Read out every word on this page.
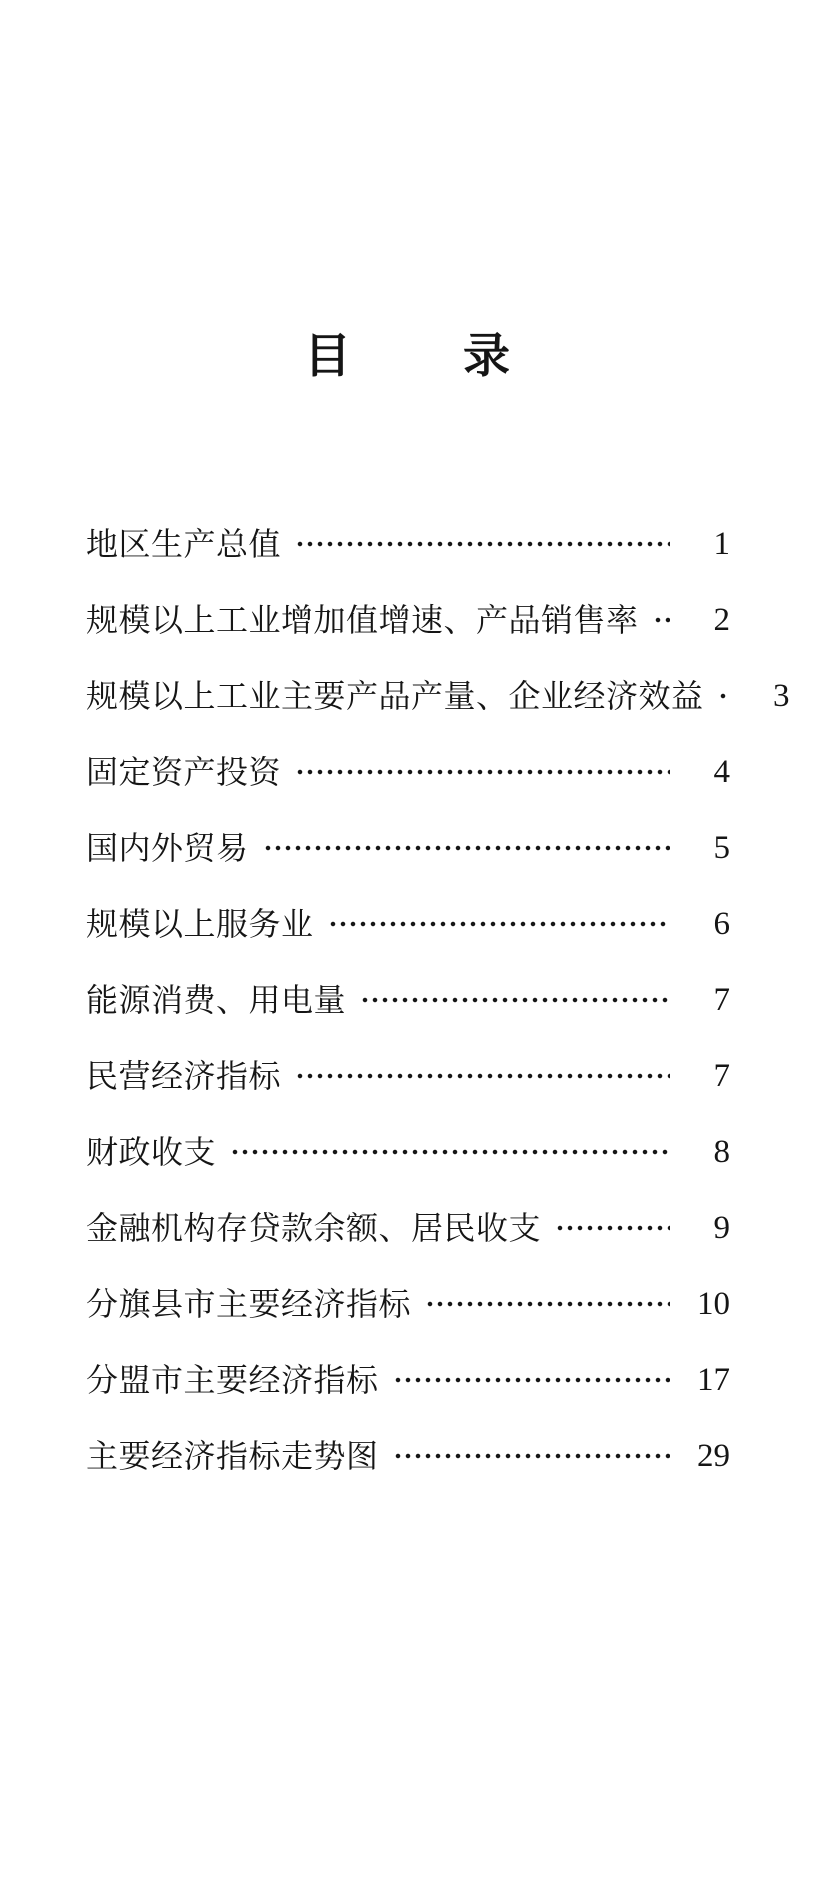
目 录
地区生产总值	1
规模以上工业增加值增速、产品销售率	2
规模以上工业主要产品产量、企业经济效益	3
固定资产投资	4
国内外贸易	5
规模以上服务业	6
能源消费、用电量	7
民营经济指标	7
财政收支	8
金融机构存贷款余额、居民收支	9
分旗县市主要经济指标	10
分盟市主要经济指标	17
主要经济指标走势图	29
